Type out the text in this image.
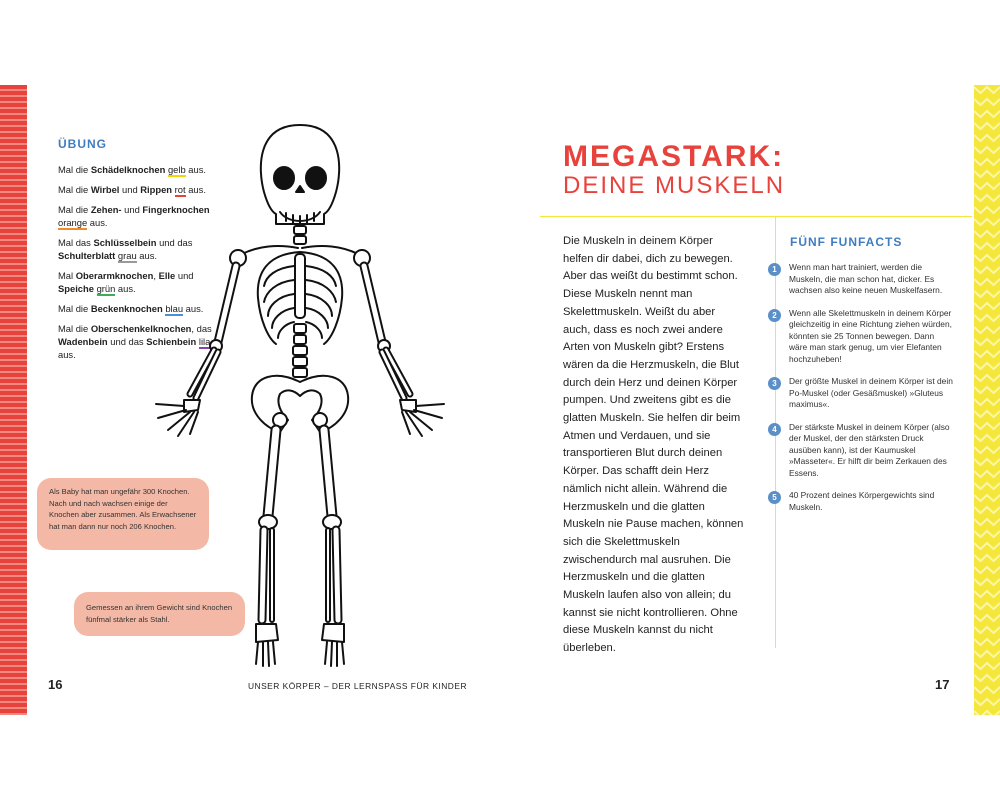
ÜBUNG
Mal die Schädelknochen gelb aus.
Mal die Wirbel und Rippen rot aus.
Mal die Zehen- und Fingerknochen orange aus.
Mal das Schlüsselbein und das Schulterblatt grau aus.
Mal Oberarmknochen, Elle und Speiche grün aus.
Mal die Beckenknochen blau aus.
Mal die Oberschenkelknochen, das Wadenbein und das Schienbein lila aus.
Als Baby hat man ungefähr 300 Knochen. Nach und nach wachsen einige der Knochen aber zusammen. Als Erwachsener hat man dann nur noch 206 Knochen.
Gemessen an ihrem Gewicht sind Knochen fünfmal stärker als Stahl.
16	UNSER KÖRPER – DER LERNSPASS FÜR KINDER
MEGASTARK:
DEINE MUSKELN
Die Muskeln in deinem Körper helfen dir dabei, dich zu bewegen. Aber das weißt du bestimmt schon. Diese Muskeln nennt man Skelettmuskeln. Weißt du aber auch, dass es noch zwei andere Arten von Muskeln gibt? Erstens wären da die Herzmuskeln, die Blut durch dein Herz und deinen Körper pumpen. Und zweitens gibt es die glatten Muskeln. Sie helfen dir beim Atmen und Verdauen, und sie transportieren Blut durch deinen Körper. Das schafft dein Herz nämlich nicht allein. Während die Herzmuskeln und die glatten Muskeln nie Pause machen, können sich die Skelettmuskeln zwischendurch mal ausruhen. Die Herzmuskeln und die glatten Muskeln laufen also von allein; du kannst sie nicht kontrollieren. Ohne diese Muskeln kannst du nicht überleben.
FÜNF FUNFACTS
1	Wenn man hart trainiert, werden die Muskeln, die man schon hat, dicker. Es wachsen also keine neuen Muskelfasern.
2	Wenn alle Skelettmuskeln in deinem Körper gleichzeitig in eine Richtung ziehen würden, könnten sie 25 Tonnen bewegen. Dann wäre man stark genug, um vier Elefanten hochzuheben!
3	Der größte Muskel in deinem Körper ist dein Po-Muskel (oder Gesäßmuskel) »Gluteus maximus«.
4	Der stärkste Muskel in deinem Körper (also der Muskel, der den stärksten Druck ausüben kann), ist der Kaumuskel »Masseter«. Er hilft dir beim Zerkauen des Essens.
5	40 Prozent deines Körpergewichts sind Muskeln.
17
